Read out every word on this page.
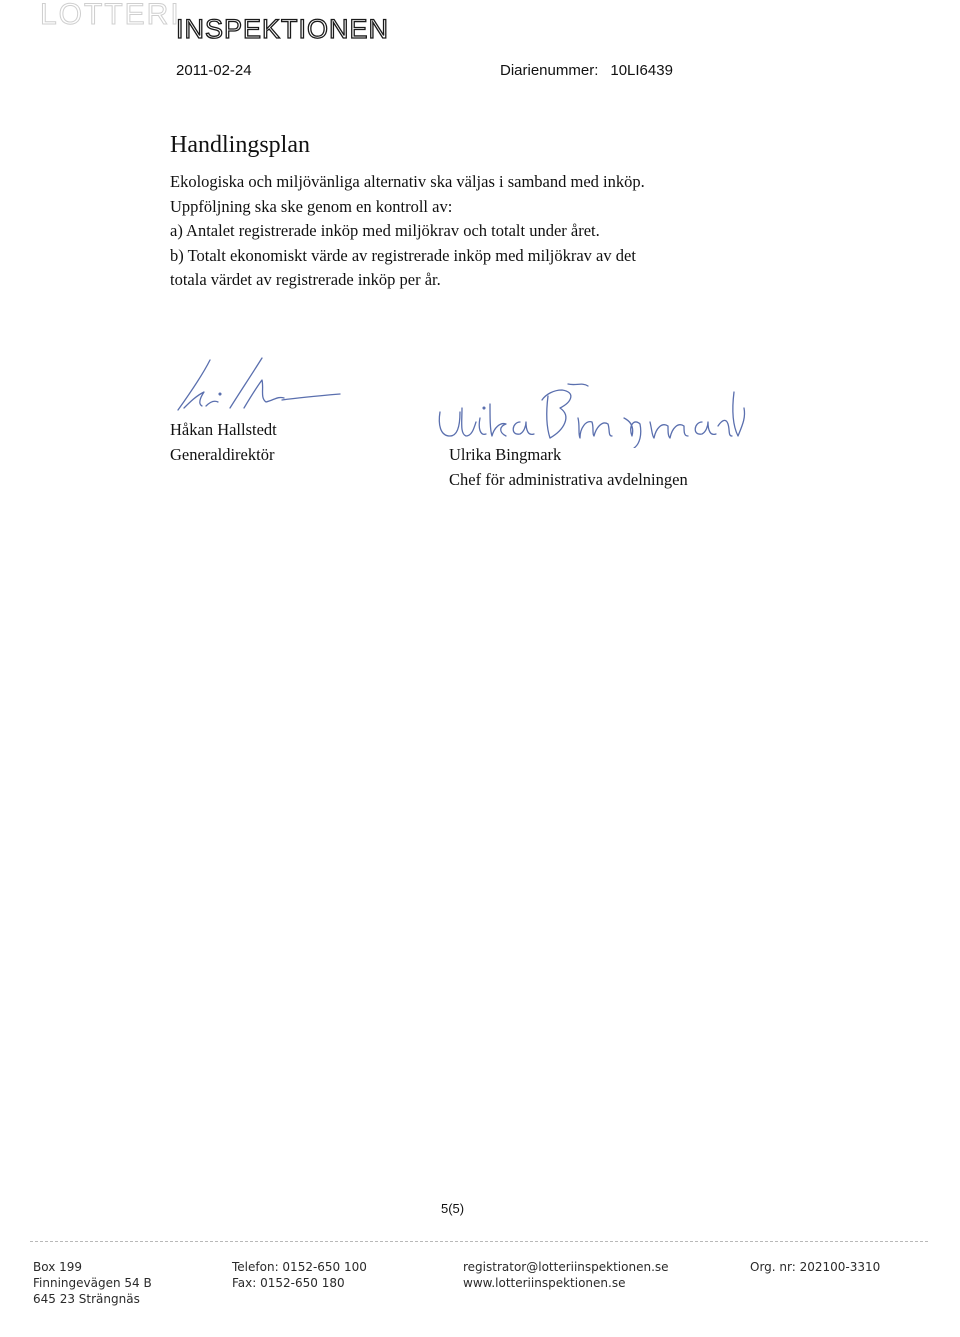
LOTTERI
INSPEKTIONEN
2011-02-24	Diarienummer: 10LI6439
Handlingsplan

Ekologiska och miljövänliga alternativ ska väljas i samband med inköp.

Uppföljning ska ske genom en kontroll av:

a) Antalet registrerade inköp med miljökrav och totalt under året.

b) Totalt ekonomiskt värde av registrerade inköp med miljökrav av det

totala värdet av registrerade inköp per år.

Håkan Hallstedt
Generaldirektör	Ulrika Bingmark
Chef för administrativa avdelningen
5(5)
Box 199
Finningevägen 54 B
645 23 Strängnäs
Telefon: 0152-650 100
Fax: 0152-650 180
registrator@lotteriinspektionen.se
www.lotteriinspektionen.se
Org. nr: 202100-3310
